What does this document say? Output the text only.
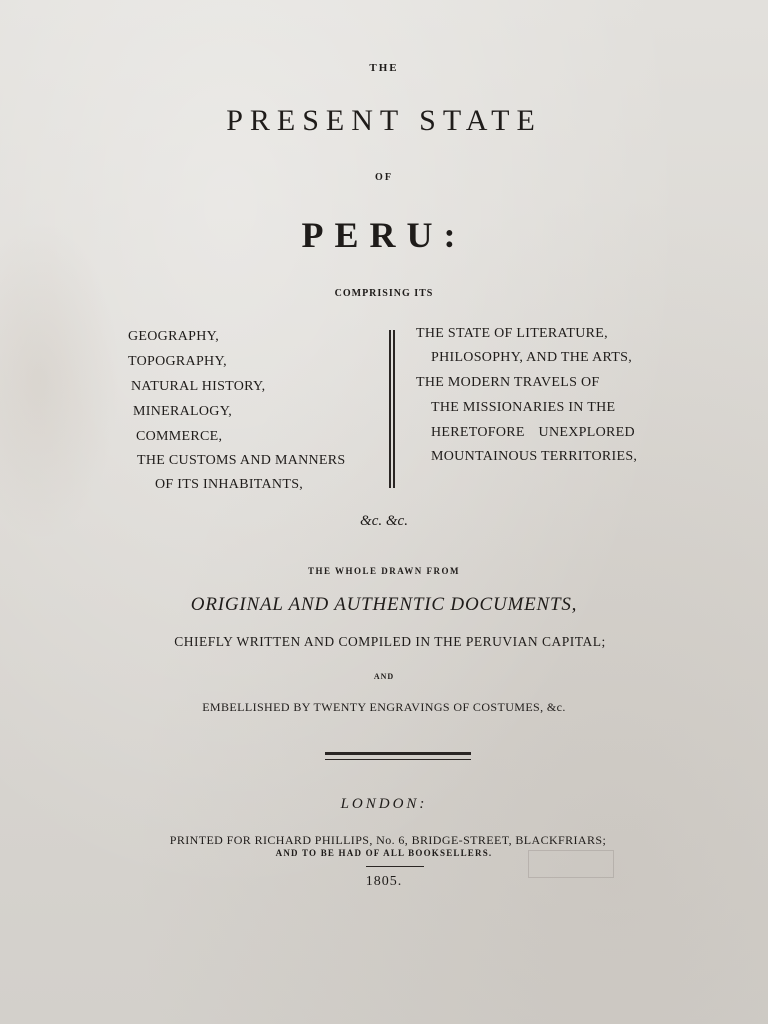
THE
PRESENT STATE
OF
PERU:
COMPRISING ITS
GEOGRAPHY,
TOPOGRAPHY,
NATURAL HISTORY,
MINERALOGY,
COMMERCE,
THE CUSTOMS AND MANNERS
OF ITS INHABITANTS,
THE STATE OF LITERATURE,
PHILOSOPHY, AND THE ARTS,
THE MODERN TRAVELS OF
THE MISSIONARIES IN THE
HERETOFORE UNEXPLORED
MOUNTAINOUS TERRITORIES,
&c. &c.
THE WHOLE DRAWN FROM
ORIGINAL AND AUTHENTIC DOCUMENTS,
CHIEFLY WRITTEN AND COMPILED IN THE PERUVIAN CAPITAL;
AND
EMBELLISHED BY TWENTY ENGRAVINGS OF COSTUMES, &c.
LONDON:
PRINTED FOR RICHARD PHILLIPS, No. 6, BRIDGE-STREET, BLACKFRIARS;
AND TO BE HAD OF ALL BOOKSELLERS.
1805.
